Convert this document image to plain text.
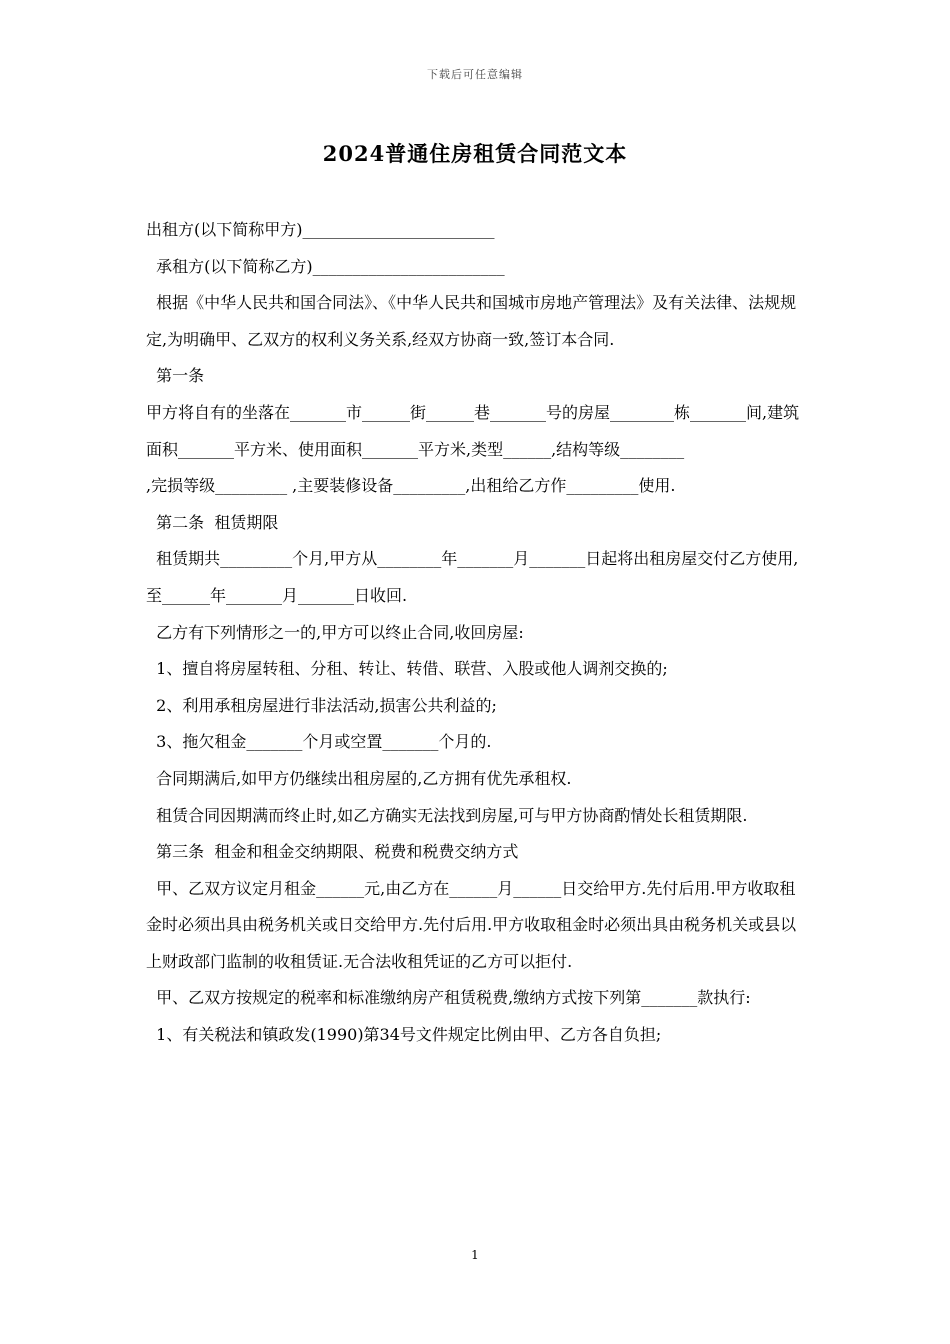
下载后可任意编辑
2024普通住房租赁合同范文本

出租方(以下简称甲方)________________________

承租方(以下简称乙方)________________________

根据《中华人民共和国合同法》、《中华人民共和国城市房地产管理法》及有关法律、法规规定,为明确甲、乙双方的权利义务关系,经双方协商一致,签订本合同.

第一条

甲方将自有的坐落在_______市______街______巷_______号的房屋________栋_______间,建筑面积_______平方米、使用面积_______平方米,类型______,结构等级________

,完损等级_________ ,主要装修设备_________,出租给乙方作_________使用.

第二条  租赁期限

租赁期共_________个月,甲方从________年_______月_______日起将出租房屋交付乙方使用,至______年_______月_______日收回.

乙方有下列情形之一的,甲方可以终止合同,收回房屋:

1、擅自将房屋转租、分租、转让、转借、联营、入股或他人调剂交换的;

2、利用承租房屋进行非法活动,损害公共利益的;

3、拖欠租金_______个月或空置_______个月的.

合同期满后,如甲方仍继续出租房屋的,乙方拥有优先承租权.

租赁合同因期满而终止时,如乙方确实无法找到房屋,可与甲方协商酌情处长租赁期限.

第三条  租金和租金交纳期限、税费和税费交纳方式

甲、乙双方议定月租金______元,由乙方在______月______日交给甲方.先付后用.甲方收取租金时必须出具由税务机关或日交给甲方.先付后用.甲方收取租金时必须出具由税务机关或县以上财政部门监制的收租赁证.无合法收租凭证的乙方可以拒付.

甲、乙双方按规定的税率和标准缴纳房产租赁税费,缴纳方式按下列第_______款执行:

1、有关税法和镇政发(1990)第34号文件规定比例由甲、乙方各自负担;

1
